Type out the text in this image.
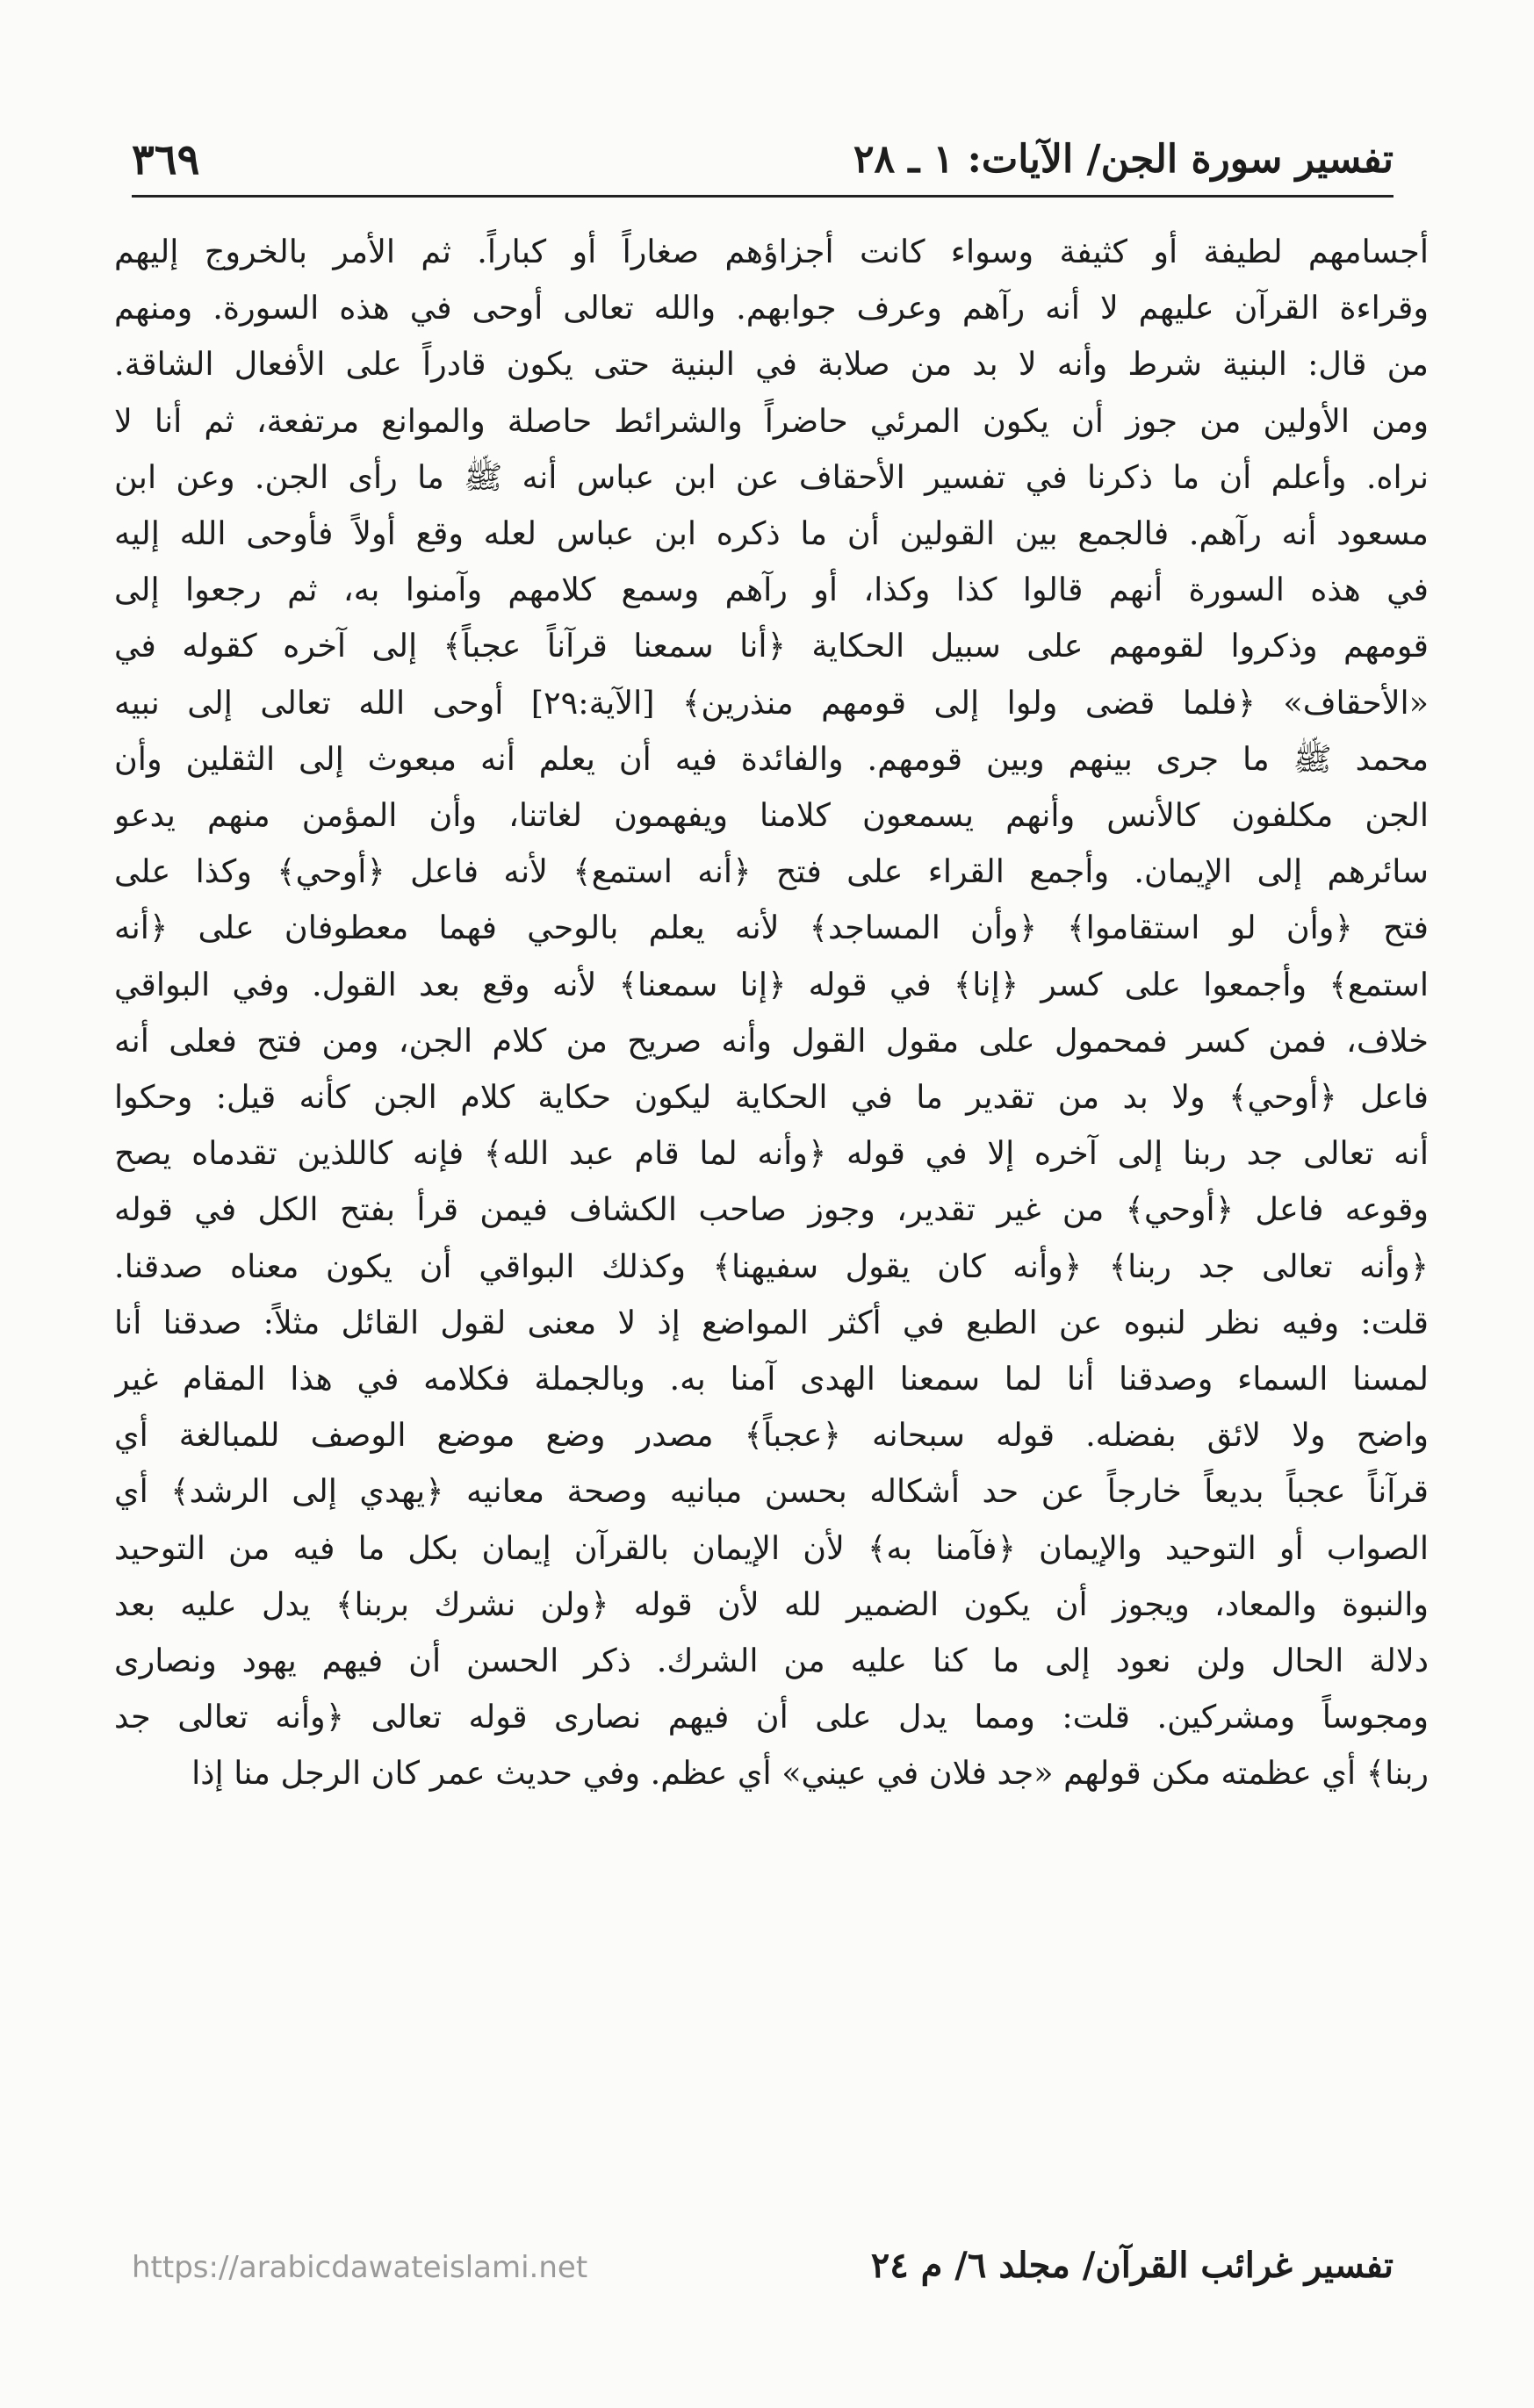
تفسير سورة الجن/ الآيات: ١ ـ ٢٨
٣٦٩

أجسامهم لطيفة أو كثيفة وسواء كانت أجزاؤهم صغاراً أو كباراً. ثم الأمر بالخروج إليهم

وقراءة القرآن عليهم لا أنه رآهم وعرف جوابهم. والله تعالى أوحى في هذه السورة. ومنهم

من قال: البنية شرط وأنه لا بد من صلابة في البنية حتى يكون قادراً على الأفعال الشاقة.

ومن الأولين من جوز أن يكون المرئي حاضراً والشرائط حاصلة والموانع مرتفعة، ثم أنا لا

نراه. وأعلم أن ما ذكرنا في تفسير الأحقاف عن ابن عباس أنه ﷺ ما رأى الجن. وعن ابن

مسعود أنه رآهم. فالجمع بين القولين أن ما ذكره ابن عباس لعله وقع أولاً فأوحى الله إليه

في هذه السورة أنهم قالوا كذا وكذا، أو رآهم وسمع كلامهم وآمنوا به، ثم رجعوا إلى

قومهم وذكروا لقومهم على سبيل الحكاية ﴿أنا سمعنا قرآناً عجباً﴾ إلى آخره كقوله في

«الأحقاف» ﴿فلما قضى ولوا إلى قومهم منذرين﴾ [الآية:٢٩] أوحى الله تعالى إلى نبيه

محمد ﷺ ما جرى بينهم وبين قومهم. والفائدة فيه أن يعلم أنه مبعوث إلى الثقلين وأن

الجن مكلفون كالأنس وأنهم يسمعون كلامنا ويفهمون لغاتنا، وأن المؤمن منهم يدعو

سائرهم إلى الإيمان. وأجمع القراء على فتح ﴿أنه استمع﴾ لأنه فاعل ﴿أوحي﴾ وكذا على

فتح ﴿وأن لو استقاموا﴾ ﴿وأن المساجد﴾ لأنه يعلم بالوحي فهما معطوفان على ﴿أنه

استمع﴾ وأجمعوا على كسر ﴿إنا﴾ في قوله ﴿إنا سمعنا﴾ لأنه وقع بعد القول. وفي البواقي

خلاف، فمن كسر فمحمول على مقول القول وأنه صريح من كلام الجن، ومن فتح فعلى أنه

فاعل ﴿أوحي﴾ ولا بد من تقدير ما في الحكاية ليكون حكاية كلام الجن كأنه قيل: وحكوا

أنه تعالى جد ربنا إلى آخره إلا في قوله ﴿وأنه لما قام عبد الله﴾ فإنه كاللذين تقدماه يصح

وقوعه فاعل ﴿أوحي﴾ من غير تقدير، وجوز صاحب الكشاف فيمن قرأ بفتح الكل في قوله

﴿وأنه تعالى جد ربنا﴾ ﴿وأنه كان يقول سفيهنا﴾ وكذلك البواقي أن يكون معناه صدقنا.

قلت: وفيه نظر لنبوه عن الطبع في أكثر المواضع إذ لا معنى لقول القائل مثلاً: صدقنا أنا

لمسنا السماء وصدقنا أنا لما سمعنا الهدى آمنا به. وبالجملة فكلامه في هذا المقام غير

واضح ولا لائق بفضله. قوله سبحانه ﴿عجباً﴾ مصدر وضع موضع الوصف للمبالغة أي

قرآناً عجباً بديعاً خارجاً عن حد أشكاله بحسن مبانيه وصحة معانيه ﴿يهدي إلى الرشد﴾ أي

الصواب أو التوحيد والإيمان ﴿فآمنا به﴾ لأن الإيمان بالقرآن إيمان بكل ما فيه من التوحيد

والنبوة والمعاد، ويجوز أن يكون الضمير لله لأن قوله ﴿ولن نشرك بربنا﴾ يدل عليه بعد

دلالة الحال ولن نعود إلى ما كنا عليه من الشرك. ذكر الحسن أن فيهم يهود ونصارى

ومجوساً ومشركين. قلت: ومما يدل على أن فيهم نصارى قوله تعالى ﴿وأنه تعالى جد

ربنا﴾ أي عظمته مكن قولهم «جد فلان في عيني» أي عظم. وفي حديث عمر كان الرجل منا إذا

تفسير غرائب القرآن/ مجلد ٦/ م ٢٤
https://arabicdawateislami.net
